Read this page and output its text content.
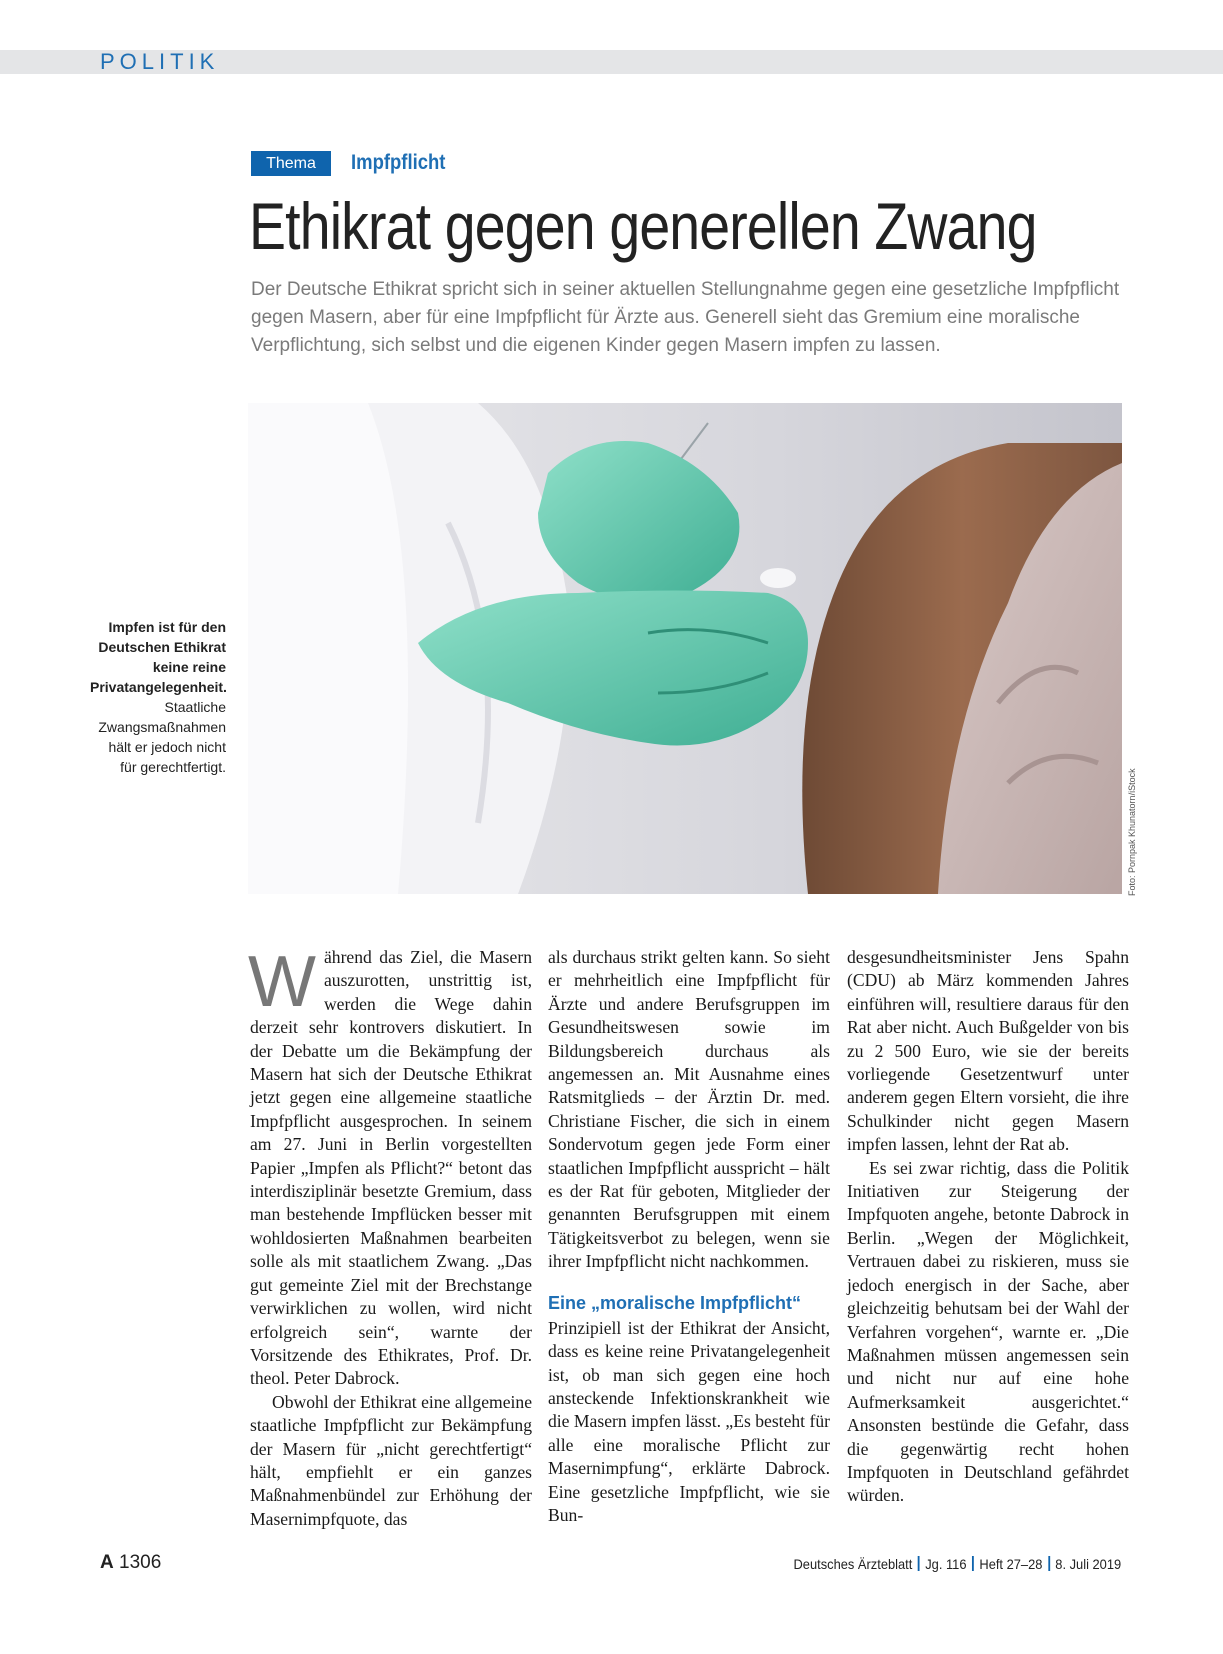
POLITIK
Thema	Impfpflicht
Ethikrat gegen generellen Zwang
Der Deutsche Ethikrat spricht sich in seiner aktuellen Stellungnahme gegen eine gesetzliche Impfpflicht gegen Masern, aber für eine Impfpflicht für Ärzte aus. Generell sieht das Gremium eine moralische Verpflichtung, sich selbst und die eigenen Kinder gegen Masern impfen zu lassen.
Foto: Pornpak Khunatorn/iStock
Impfen ist für den Deutschen Ethikrat keine reine Privatangelegenheit. Staatliche Zwangsmaßnahmen hält er jedoch nicht für gerechtfertigt.

Während das Ziel, die Masern auszurotten, unstrittig ist, werden die Wege dahin derzeit sehr kontrovers diskutiert. In der Debatte um die Bekämpfung der Masern hat sich der Deutsche Ethikrat jetzt gegen eine allgemeine staatliche Impfpflicht ausgesprochen. In seinem am 27. Juni in Berlin vorgestellten Papier „Impfen als Pflicht?“ betont das interdisziplinär besetzte Gremium, dass man bestehende Impflücken besser mit wohldosierten Maßnahmen bearbeiten solle als mit staatlichem Zwang. „Das gut gemeinte Ziel mit der Brechstange verwirklichen zu wollen, wird nicht erfolgreich sein“, warnte der Vorsitzende des Ethikrates, Prof. Dr. theol. Peter Dabrock.

Obwohl der Ethikrat eine allgemeine staatliche Impfpflicht zur Bekämpfung der Masern für „nicht gerechtfertigt“ hält, empfiehlt er ein ganzes Maßnahmenbündel zur Erhöhung der Masernimpfquote, das

als durchaus strikt gelten kann. So sieht er mehrheitlich eine Impfpflicht für Ärzte und andere Berufsgruppen im Gesundheitswesen sowie im Bildungsbereich durchaus als angemessen an. Mit Ausnahme eines Ratsmitglieds – der Ärztin Dr. med. Christiane Fischer, die sich in einem Sondervotum gegen jede Form einer staatlichen Impfpflicht ausspricht – hält es der Rat für geboten, Mitglieder der genannten Berufsgruppen mit einem Tätigkeitsverbot zu belegen, wenn sie ihrer Impfpflicht nicht nachkommen.

Eine „moralische Impfpflicht“

Prinzipiell ist der Ethikrat der Ansicht, dass es keine reine Privatangelegenheit ist, ob man sich gegen eine hoch ansteckende Infektionskrankheit wie die Masern impfen lässt. „Es besteht für alle eine moralische Pflicht zur Masernimpfung“, erklärte Dabrock. Eine gesetzliche Impfpflicht, wie sie Bun-

desgesundheitsminister Jens Spahn (CDU) ab März kommenden Jahres einführen will, resultiere daraus für den Rat aber nicht. Auch Bußgelder von bis zu 2 500 Euro, wie sie der bereits vorliegende Gesetzentwurf unter anderem gegen Eltern vorsieht, die ihre Schulkinder nicht gegen Masern impfen lassen, lehnt der Rat ab.

Es sei zwar richtig, dass die Politik Initiativen zur Steigerung der Impfquoten angehe, betonte Dabrock in Berlin. „Wegen der Möglichkeit, Vertrauen dabei zu riskieren, muss sie jedoch energisch in der Sache, aber gleichzeitig behutsam bei der Wahl der Verfahren vorgehen“, warnte er. „Die Maßnahmen müssen angemessen sein und nicht nur auf eine hohe Aufmerksamkeit ausgerichtet.“ Ansonsten bestünde die Gefahr, dass die gegenwärtig recht hohen Impfquoten in Deutschland gefährdet würden.

A 1306	Deutsches Ärzteblatt Jg. 116 Heft 27–28 8. Juli 2019
